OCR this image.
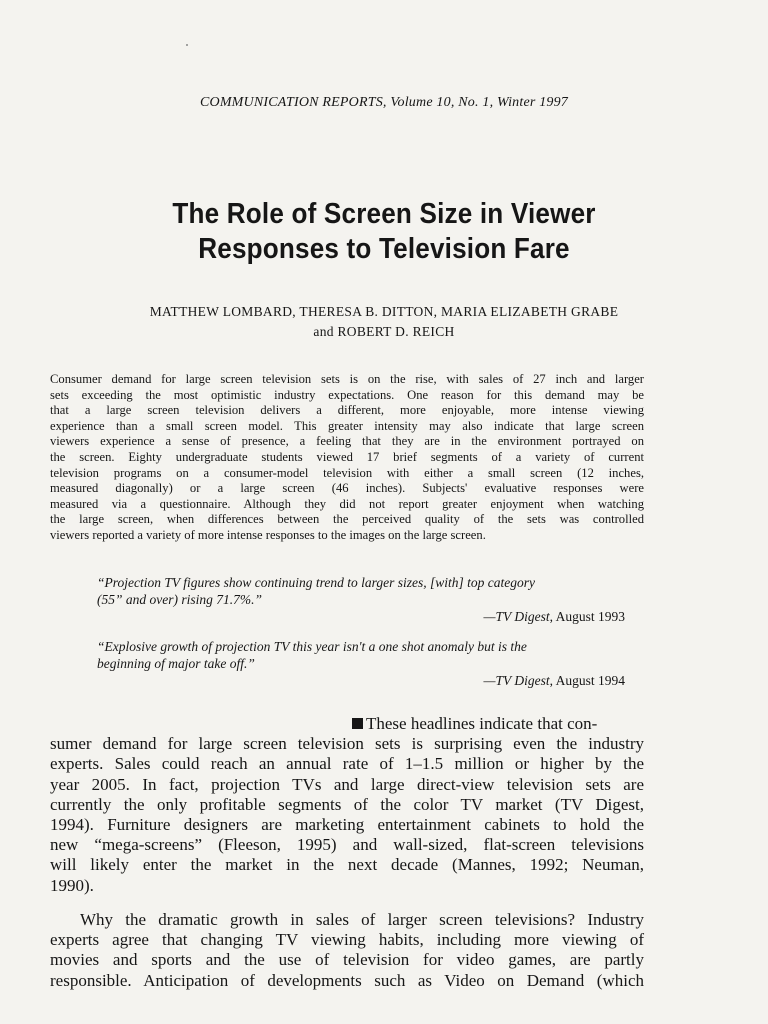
COMMUNICATION REPORTS, Volume 10, No. 1, Winter 1997
The Role of Screen Size in Viewer
Responses to Television Fare
MATTHEW LOMBARD, THERESA B. DITTON, MARIA ELIZABETH GRABE
and ROBERT D. REICH
Consumer demand for large screen television sets is on the rise, with sales of 27 inch and larger
sets exceeding the most optimistic industry expectations. One reason for this demand may be
that a large screen television delivers a different, more enjoyable, more intense viewing
experience than a small screen model. This greater intensity may also indicate that large screen
viewers experience a sense of presence, a feeling that they are in the environment portrayed on
the screen. Eighty undergraduate students viewed 17 brief segments of a variety of current
television programs on a consumer-model television with either a small screen (12 inches,
measured diagonally) or a large screen (46 inches). Subjects' evaluative responses were
measured via a questionnaire. Although they did not report greater enjoyment when watching
the large screen, when differences between the perceived quality of the sets was controlled
viewers reported a variety of more intense responses to the images on the large screen.
“Projection TV figures show continuing trend to larger sizes, [with] top category
(55” and over) rising 71.7%.”
—TV Digest, August 1993
“Explosive growth of projection TV this year isn't a one shot anomaly but is the
beginning of major take off.”
—TV Digest, August 1994
These headlines indicate that con-
sumer demand for large screen television sets is surprising even the industry
experts. Sales could reach an annual rate of 1–1.5 million or higher by the
year 2005. In fact, projection TVs and large direct-view television sets are
currently the only profitable segments of the color TV market (TV Digest,
1994). Furniture designers are marketing entertainment cabinets to hold the
new “mega-screens” (Fleeson, 1995) and wall-sized, flat-screen televisions
will likely enter the market in the next decade (Mannes, 1992; Neuman,
1990).
Why the dramatic growth in sales of larger screen televisions? Industry
experts agree that changing TV viewing habits, including more viewing of
movies and sports and the use of television for video games, are partly
responsible. Anticipation of developments such as Video on Demand (which
